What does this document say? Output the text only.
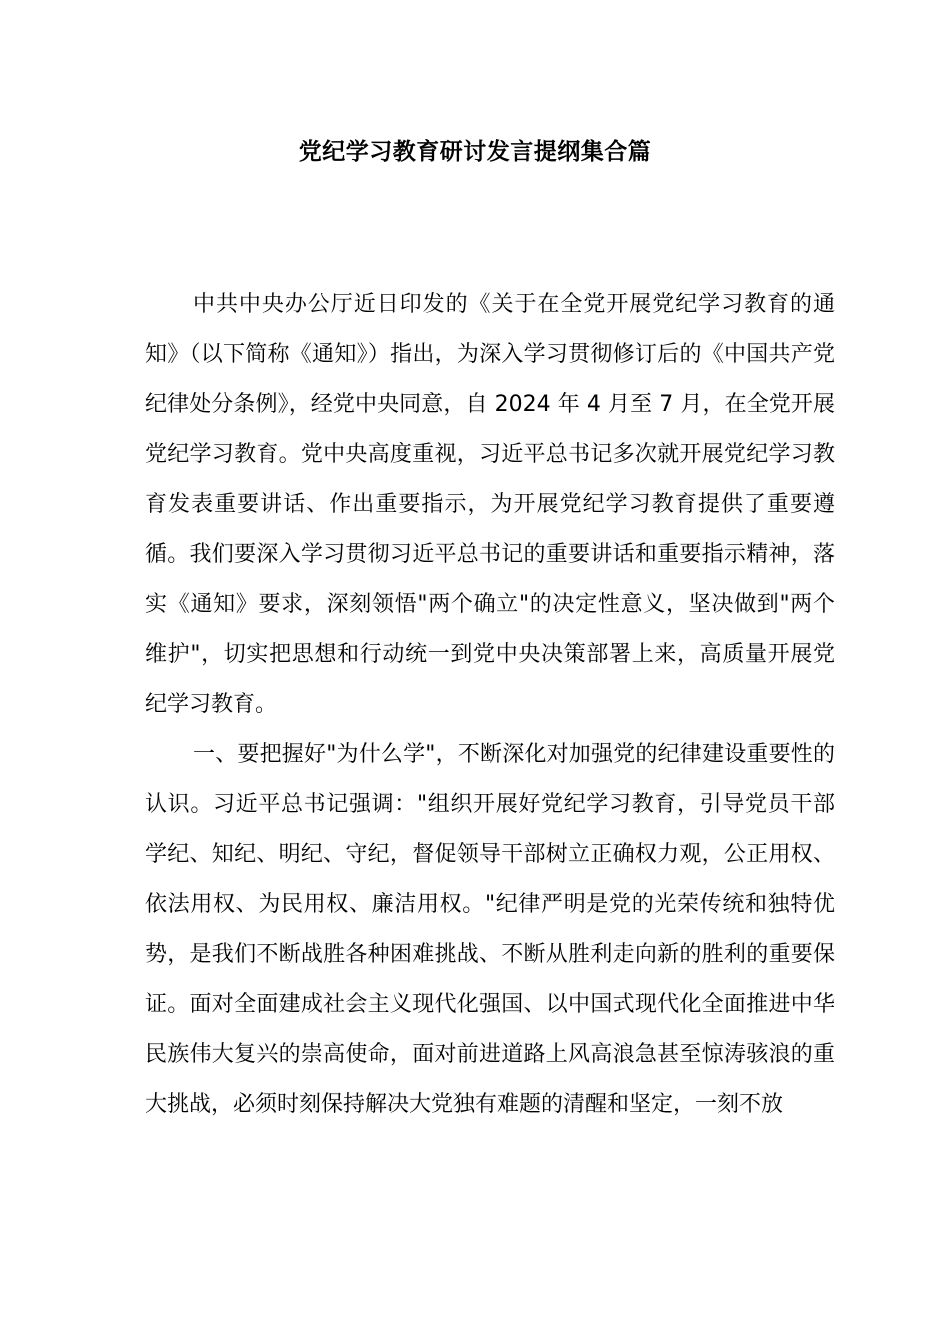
党纪学习教育研讨发言提纲集合篇

中共中央办公厅近日印发的《关于在全党开展党纪学习教育的通知》（以下简称《通知》）指出，为深入学习贯彻修订后的《中国共产党纪律处分条例》，经党中央同意，自 2024 年 4 月至 7 月，在全党开展党纪学习教育。党中央高度重视，习近平总书记多次就开展党纪学习教育发表重要讲话、作出重要指示，为开展党纪学习教育提供了重要遵循。我们要深入学习贯彻习近平总书记的重要讲话和重要指示精神，落实《通知》要求，深刻领悟"两个确立"的决定性意义，坚决做到"两个维护"，切实把思想和行动统一到党中央决策部署上来，高质量开展党纪学习教育。

一、要把握好"为什么学"，不断深化对加强党的纪律建设重要性的认识。习近平总书记强调："组织开展好党纪学习教育，引导党员干部学纪、知纪、明纪、守纪，督促领导干部树立正确权力观，公正用权、依法用权、为民用权、廉洁用权。"纪律严明是党的光荣传统和独特优势，是我们不断战胜各种困难挑战、不断从胜利走向新的胜利的重要保证。面对全面建成社会主义现代化强国、以中国式现代化全面推进中华民族伟大复兴的崇高使命，面对前进道路上风高浪急甚至惊涛骇浪的重大挑战，必须时刻保持解决大党独有难题的清醒和坚定，一刻不放
